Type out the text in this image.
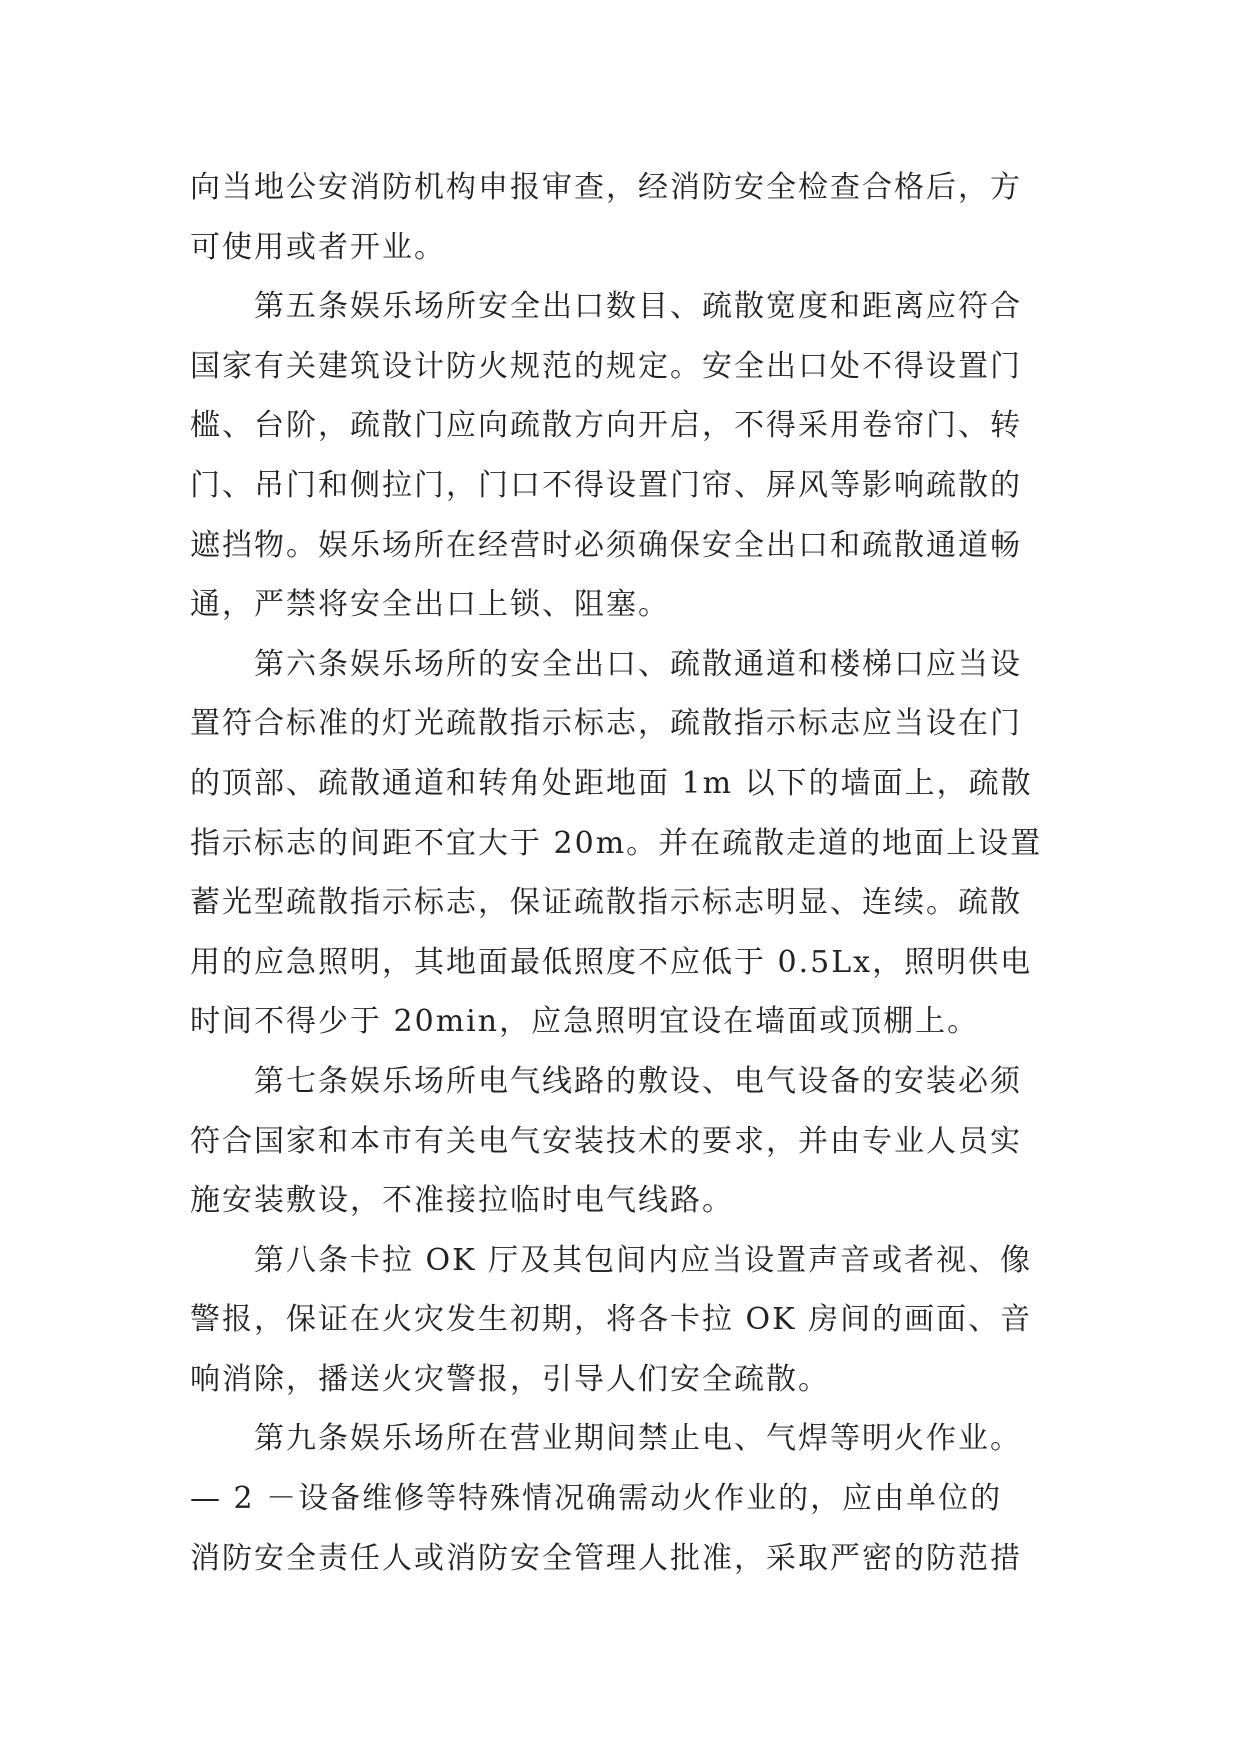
向当地公安消防机构申报审查，经消防安全检查合格后，方
可使用或者开业。
　　第五条娱乐场所安全出口数目、疏散宽度和距离应符合
国家有关建筑设计防火规范的规定。安全出口处不得设置门
槛、台阶，疏散门应向疏散方向开启，不得采用卷帘门、转
门、吊门和侧拉门，门口不得设置门帘、屏风等影响疏散的
遮挡物。娱乐场所在经营时必须确保安全出口和疏散通道畅
通，严禁将安全出口上锁、阻塞。
　　第六条娱乐场所的安全出口、疏散通道和楼梯口应当设
置符合标准的灯光疏散指示标志，疏散指示标志应当设在门
的顶部、疏散通道和转角处距地面 1m 以下的墙面上，疏散
指示标志的间距不宜大于 20m。并在疏散走道的地面上设置
蓄光型疏散指示标志，保证疏散指示标志明显、连续。疏散
用的应急照明，其地面最低照度不应低于 0.5Lx，照明供电
时间不得少于 20min，应急照明宜设在墙面或顶棚上。
　　第七条娱乐场所电气线路的敷设、电气设备的安装必须
符合国家和本市有关电气安装技术的要求，并由专业人员实
施安装敷设，不准接拉临时电气线路。
　　第八条卡拉 OK 厅及其包间内应当设置声音或者视、像
警报，保证在火灾发生初期，将各卡拉 OK 房间的画面、音
响消除，播送火灾警报，引导人们安全疏散。
　　第九条娱乐场所在营业期间禁止电、气焊等明火作业。
— 2 －设备维修等特殊情况确需动火作业的，应由单位的
消防安全责任人或消防安全管理人批准，采取严密的防范措
